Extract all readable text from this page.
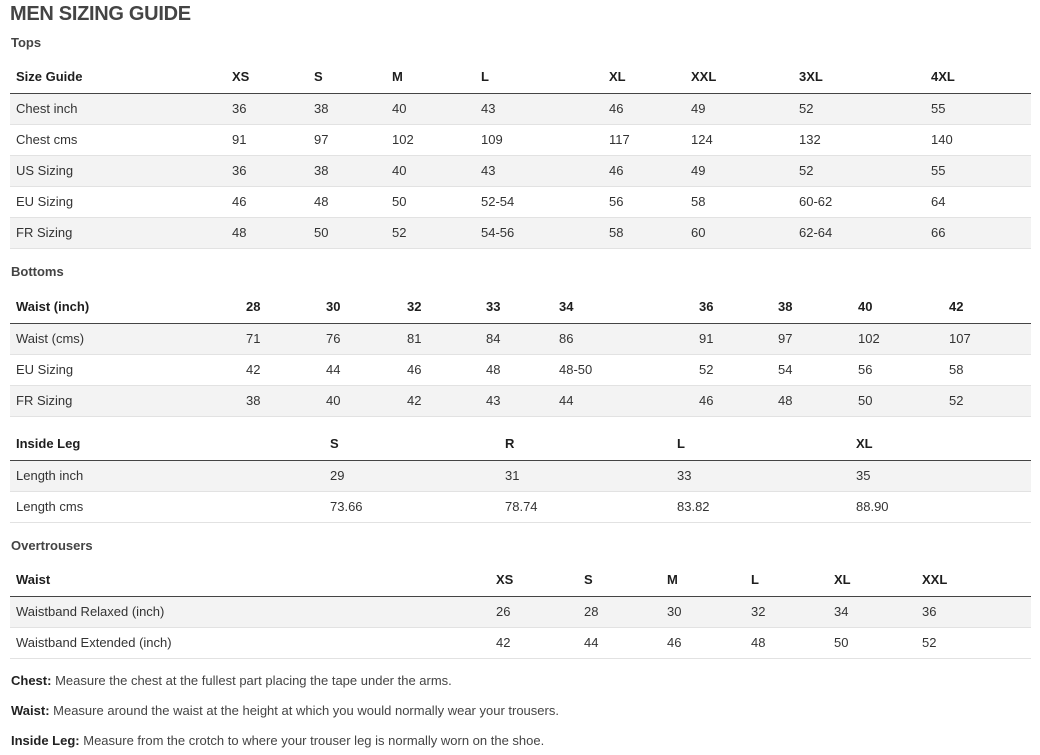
MEN SIZING GUIDE
Tops
Size Guide	XS	S	M	L	XL	XXL	3XL	4XL
Chest inch	36	38	40	43	46	49	52	55
Chest cms	91	97	102	109	117	124	132	140
US Sizing	36	38	40	43	46	49	52	55
EU Sizing	46	48	50	52-54	56	58	60-62	64
FR Sizing	48	50	52	54-56	58	60	62-64	66
Bottoms
Waist (inch)	28	30	32	33	34	36	38	40	42
Waist (cms)	71	76	81	84	86	91	97	102	107
EU Sizing	42	44	46	48	48-50	52	54	56	58
FR Sizing	38	40	42	43	44	46	48	50	52
Inside Leg	S	R	L	XL
Length inch	29	31	33	35
Length cms	73.66	78.74	83.82	88.90
Overtrousers
Waist	XS	S	M	L	XL	XXL
Waistband Relaxed (inch)	26	28	30	32	34	36
Waistband Extended (inch)	42	44	46	48	50	52
Chest: Measure the chest at the fullest part placing the tape under the arms.
Waist: Measure around the waist at the height at which you would normally wear your trousers.
Inside Leg: Measure from the crotch to where your trouser leg is normally worn on the shoe.
